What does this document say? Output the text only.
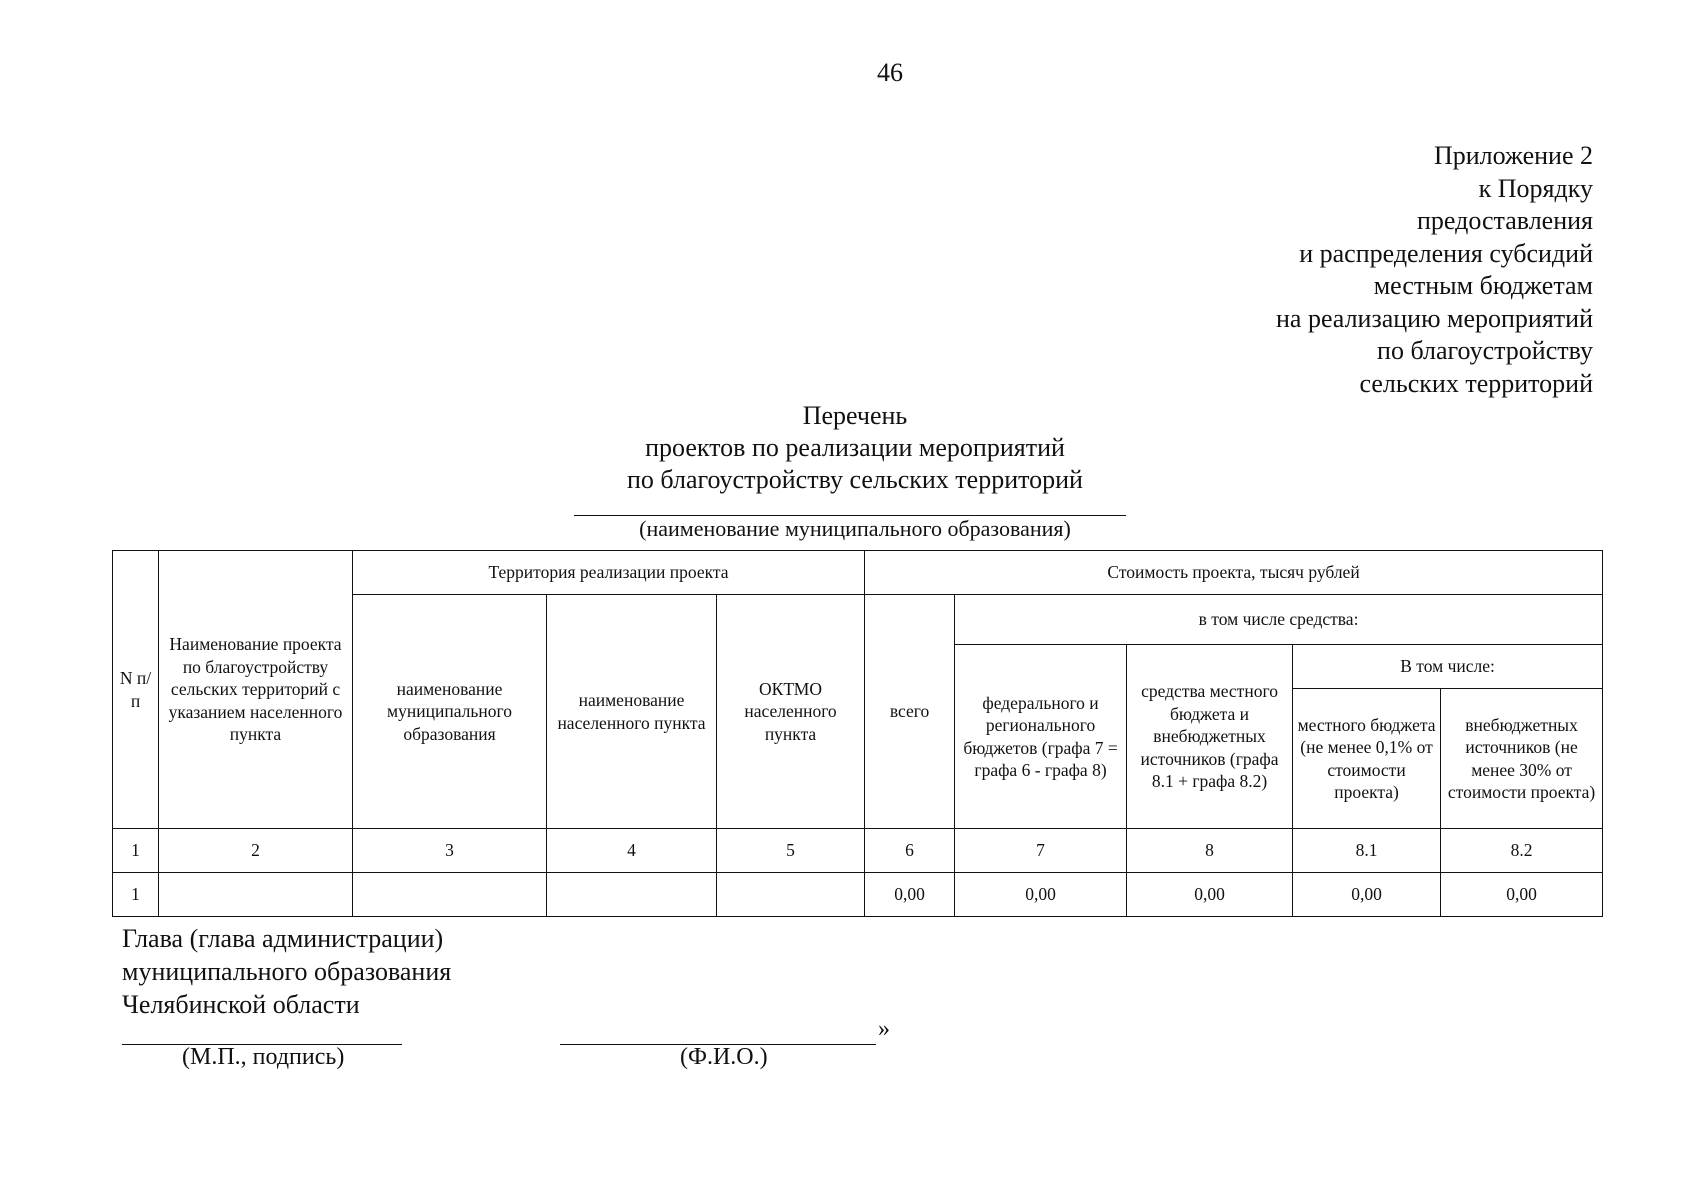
46
Приложение 2
к Порядку
предоставления
и распределения субсидий
местным бюджетам
на реализацию мероприятий
по благоустройству
сельских территорий
Перечень
проектов по реализации мероприятий
по благоустройству сельских территорий
(наименование муниципального образования)
N п/п	Наименование проекта по благоустройству сельских территорий с указанием населенного пункта	Территория реализации проекта			Стоимость проекта, тысяч рублей				
		наименование муниципального образования	наименование населенного пункта	ОКТМО населенного пункта	всего	в том числе средства:			
						федерального и регионального бюджетов (графа 7 = графа 6 - графа 8)	средства местного бюджета и внебюджетных источников (графа 8.1 + графа 8.2)	В том числе:	
								местного бюджета (не менее 0,1% от стоимости проекта)	внебюджетных источников (не менее 30% от стоимости проекта)
1	2	3	4	5	6	7	8	8.1	8.2
1					0,00	0,00	0,00	0,00	0,00
Глава (глава администрации)
муниципального образования
Челябинской области
»
(М.П., подпись)	(Ф.И.О.)
